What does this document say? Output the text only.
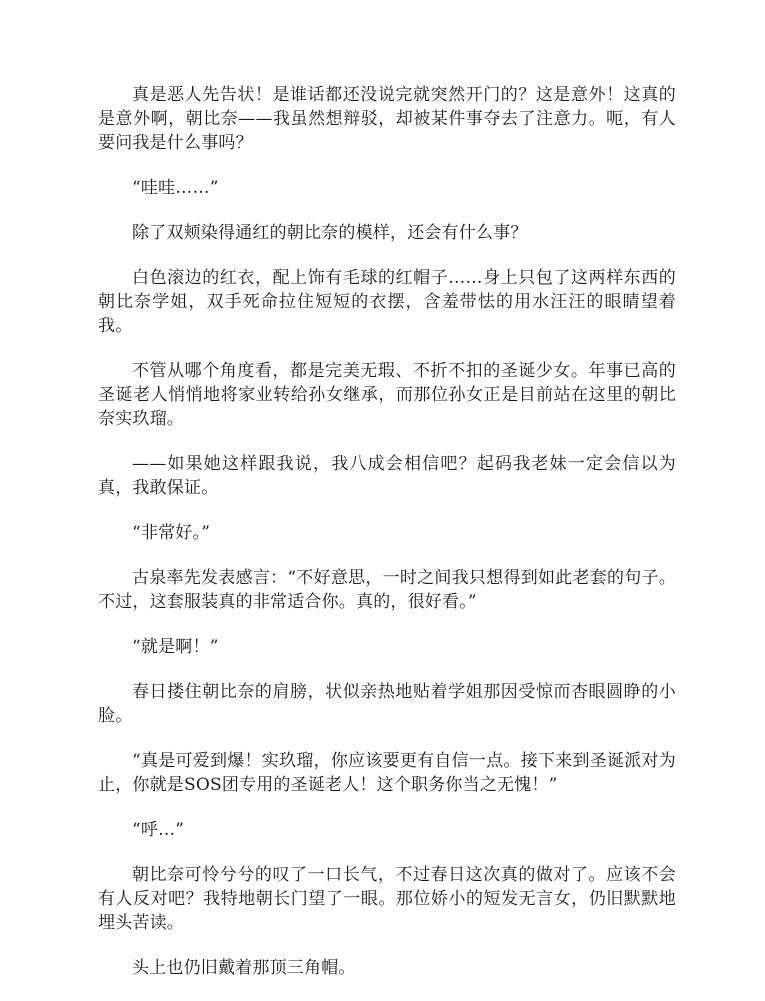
真是恶人先告状！是谁话都还没说完就突然开门的？这是意外！这真的是意外啊，朝比奈——我虽然想辩驳，却被某件事夺去了注意力。呃，有人要问我是什么事吗？

“哇哇……”

除了双颊染得通红的朝比奈的模样，还会有什么事？

白色滚边的红衣，配上饰有毛球的红帽子……身上只包了这两样东西的朝比奈学姐，双手死命拉住短短的衣摆，含羞带怯的用水汪汪的眼睛望着我。

不管从哪个角度看，都是完美无瑕、不折不扣的圣诞少女。年事已高的圣诞老人悄悄地将家业转给孙女继承，而那位孙女正是目前站在这里的朝比奈实玖瑠。

——如果她这样跟我说，我八成会相信吧？起码我老妹一定会信以为真，我敢保证。

“非常好。”

古泉率先发表感言：“不好意思，一时之间我只想得到如此老套的句子。不过，这套服装真的非常适合你。真的，很好看。”

“就是啊！”

春日搂住朝比奈的肩膀，状似亲热地贴着学姐那因受惊而杏眼圆睁的小脸。

“真是可爱到爆！实玖瑠，你应该要更有自信一点。接下来到圣诞派对为止，你就是SOS团专用的圣诞老人！这个职务你当之无愧！”

“呼…”

朝比奈可怜兮兮的叹了一口长气，不过春日这次真的做对了。应该不会有人反对吧？我特地朝长门望了一眼。那位娇小的短发无言女，仍旧默默地埋头苦读。

头上也仍旧戴着那顶三角帽。
